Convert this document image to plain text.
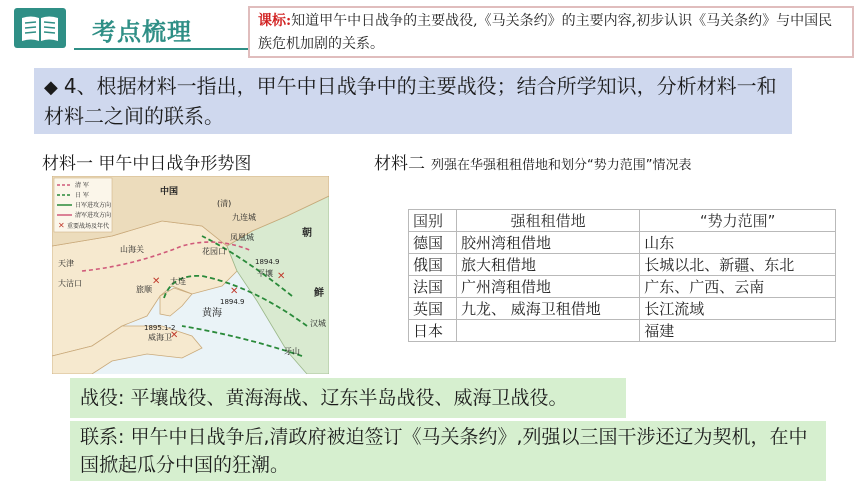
考点梳理	课标:知道甲午中日战争的主要战役,《马关条约》的主要内容,初步认识《马关条约》与中国民族危机加剧的关系。
◆ 4、根据材料一指出，甲午中日战争中的主要战役；结合所学知识，分析材料一和材料二之间的联系。
材料一 甲午中日战争形势图
✕
清 军
日 军
日军进攻方向
清军进攻方向
重要战场及年代
✕
✕
✕
✕
中国
(清)
九连城
凤凰城
山海关	花园口
天津
大沽口
旅顺
大连
威海卫
平壤
汉城
牙山
朝
鲜
黄海
1894.9
1894.9
1895.1-2
材料二 列强在华强租租借地和划分“势力范围”情况表
国别	强租租借地	“势力范围”
德国	胶州湾租借地	山东
俄国	旅大租借地	长城以北、新疆、东北
法国	广州湾租借地	广东、广西、云南
英国	九龙、 威海卫租借地	长江流域
日本		福建
战役: 平壤战役、黄海海战、辽东半岛战役、威海卫战役。
联系: 甲午中日战争后,清政府被迫签订《马关条约》,列强以三国干涉还辽为契机，在中国掀起瓜分中国的狂潮。
